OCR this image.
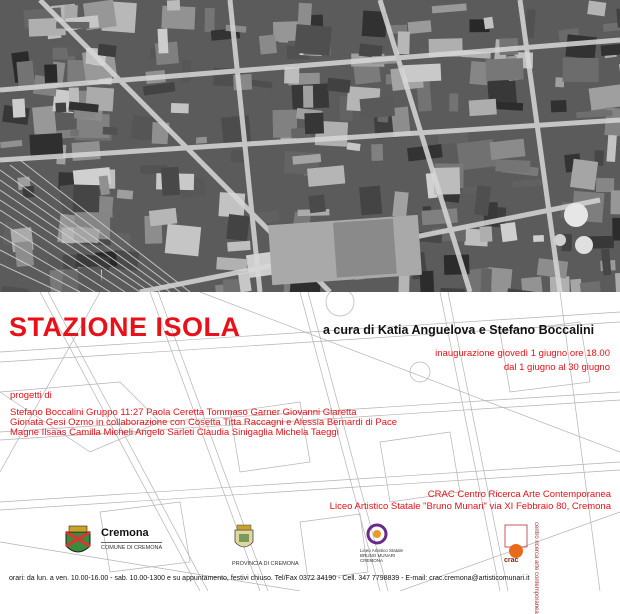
STAZIONE ISOLA	a cura di Katia Anguelova e Stefano Boccalini
inaugurazione giovedì 1 giugno ore 18.00
dal 1 giugno al 30 giugno
progetti di
Stefano Boccalini Gruppo 11:27 Paola Ceretta Tommaso Garner Giovanni Giaretta
Gionata Gesi Ozmo in collaborazione con Cosetta Titta Raccagni e Alessia Bernardi di Pace
Magne Ilsaas Camilla Micheli Angelo Sarleti Claudia Sinigaglia Michela Taeggi
CRAC Centro Ricerca Arte Contemporanea
Liceo Artistico Statale "Bruno Munari" via XI Febbraio 80, Cremona
Cremona
COMUNE DI CREMONA
PROVINCIA DI CREMONA
Liceo Artistico Statale BRUNO MUNARI CREMONA	crac centro ricerca arte contemporanea
orari: da lun. a ven. 10.00-16.00 - sab. 10.00-1300 e su appuntamento, festivi chiuso. Tel/Fax 0372 34190 - Cell. 347 7798839 - E-mail: crac.cremona@artisticomunari.it
